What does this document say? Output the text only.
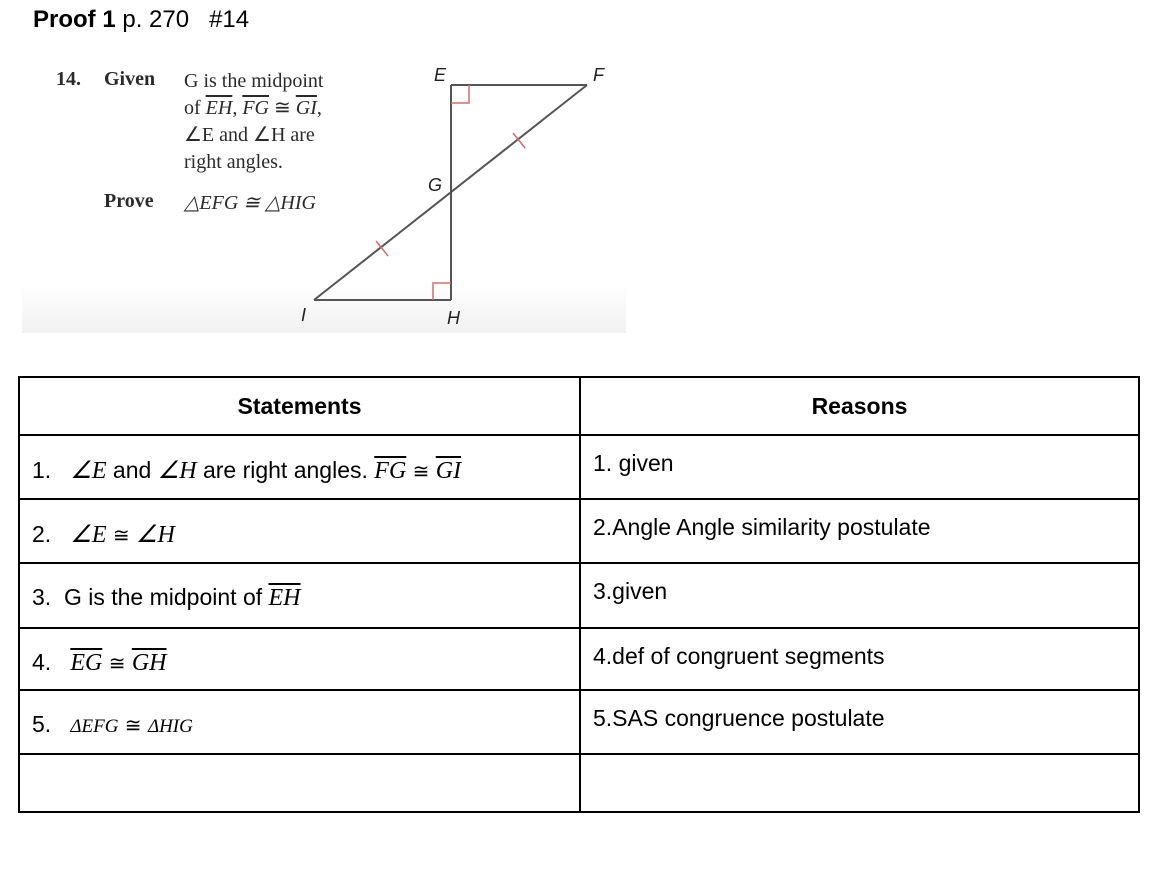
Proof 1 p. 270   #14
14. Given G is the midpoint
of $\overline{EH}$, $\overline{FG}$ ≅ $\overline{GI}$,
∠E and ∠H are
right angles.
Prove △EFG ≅ △HIG
E	F
G
H
I
Statements	Reasons

1. ∠E and ∠H are right angles. $\overline{FG}$ ≅ $\overline{GI}$	1. given

2. ∠E ≅ ∠H	2.Angle Angle similarity postulate

3. G is the midpoint of $\overline{EH}$	3.given

4. $\overline{EG}$ ≅ $\overline{GH}$	4.def of congruent segments

5. ΔEFG ≅ ΔHIG	5.SAS congruence postulate
